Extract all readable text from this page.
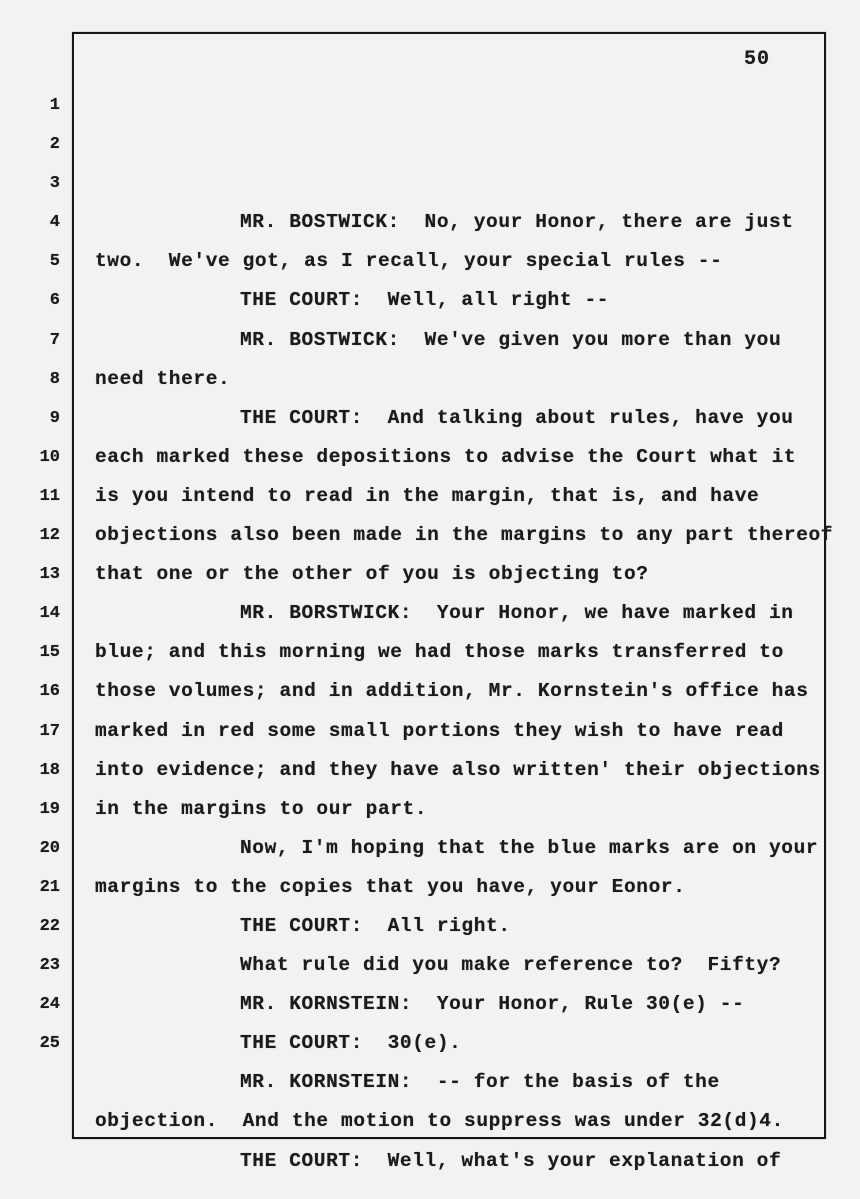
50

1

MR. BOSTWICK:  No, your Honor, there are just

2

two.  We've got, as I recall, your special rules --

3

THE COURT:  Well, all right --

4

MR. BOSTWICK:  We've given you more than you

5

need there.

6

THE COURT:  And talking about rules, have you

7

each marked these depositions to advise the Court what it

8

is you intend to read in the margin, that is, and have

9

objections also been made in the margins to any part thereof

10

that one or the other of you is objecting to?

11

MR. BORSTWICK:  Your Honor, we have marked in

12

blue; and this morning we had those marks transferred to

13

those volumes; and in addition, Mr. Kornstein's office has

14

marked in red some small portions they wish to have read

15

into evidence; and they have also written' their objections

16

in the margins to our part.

17

Now, I'm hoping that the blue marks are on your

18

margins to the copies that you have, your Eonor.

19

THE COURT:  All right.

20

What rule did you make reference to?  Fifty?

21

MR. KORNSTEIN:  Your Honor, Rule 30(e) --

22

THE COURT:  30(e).

23

MR. KORNSTEIN:  -- for the basis of the

24

objection.  And the motion to suppress was under 32(d)4.

25

THE COURT:  Well, what's your explanation of
